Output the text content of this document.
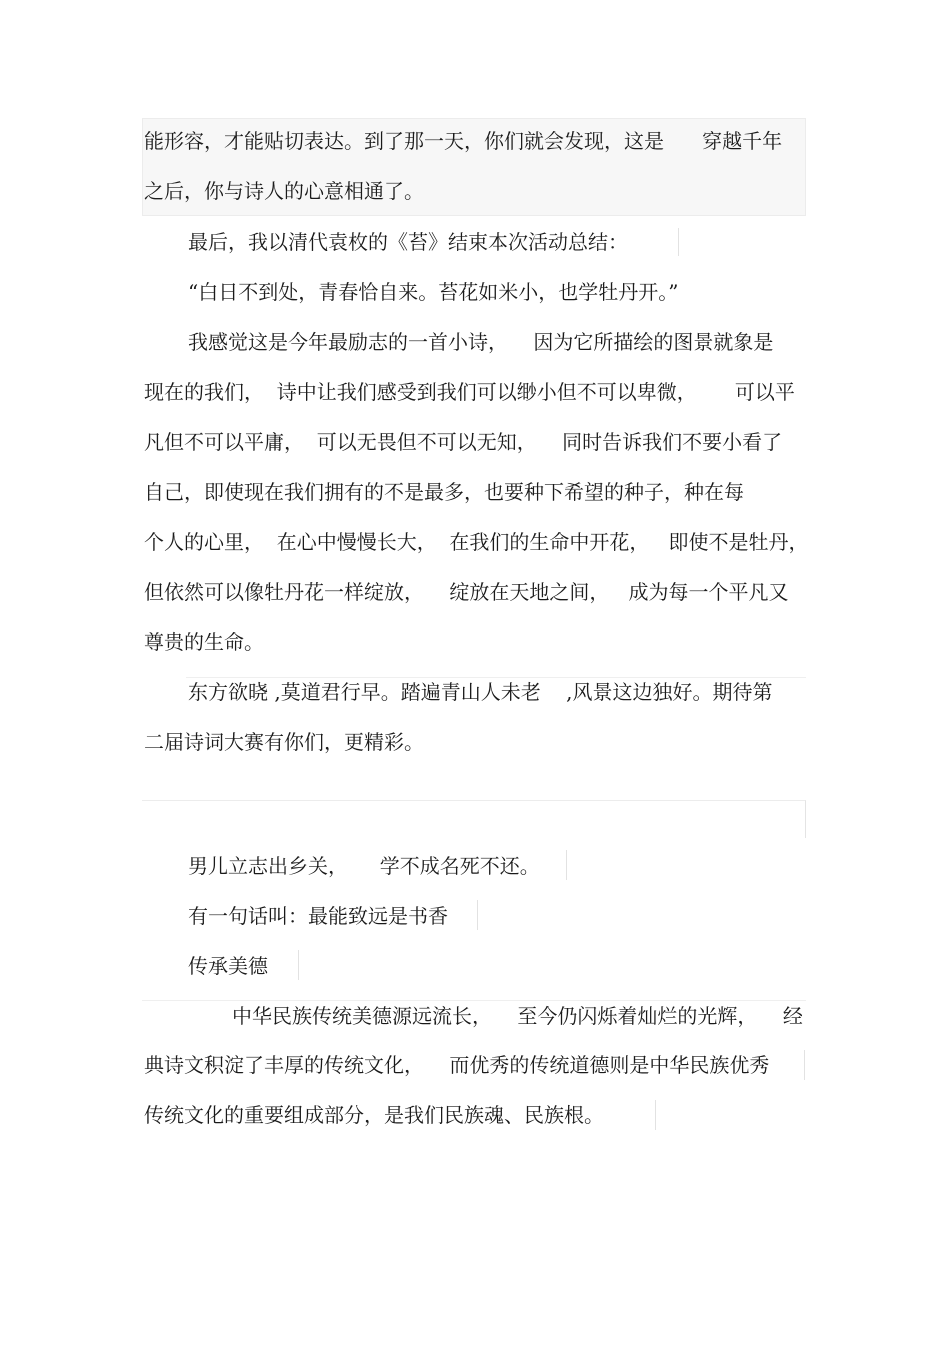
能形容，才能贴切表达。到了那一天，你们就会发现，这是      穿越千年
之后，你与诗人的心意相通了。
最后，我以清代袁枚的《苔》结束本次活动总结：
“白日不到处，青春恰自来。苔花如米小，也学牡丹开。”
我感觉这是今年最励志的一首小诗，    因为它所描绘的图景就象是
现在的我们，  诗中让我们感受到我们可以缈小但不可以卑微，      可以平
凡但不可以平庸，  可以无畏但不可以无知，    同时告诉我们不要小看了
自己，即使现在我们拥有的不是最多，也要种下希望的种子，种在每
个人的心里，  在心中慢慢长大，  在我们的生命中开花，   即使不是牡丹，
但依然可以像牡丹花一样绽放，    绽放在天地之间，   成为每一个平凡又
尊贵的生命。
东方欲晓 ,莫道君行早。踏遍青山人未老    ,风景这边独好。期待第
二届诗词大赛有你们，更精彩。
男儿立志出乡关，     学不成名死不还。
有一句话叫：最能致远是书香
传承美德
中华民族传统美德源远流长，    至今仍闪烁着灿烂的光辉，    经
典诗文积淀了丰厚的传统文化，    而优秀的传统道德则是中华民族优秀
传统文化的重要组成部分，是我们民族魂、民族根。
